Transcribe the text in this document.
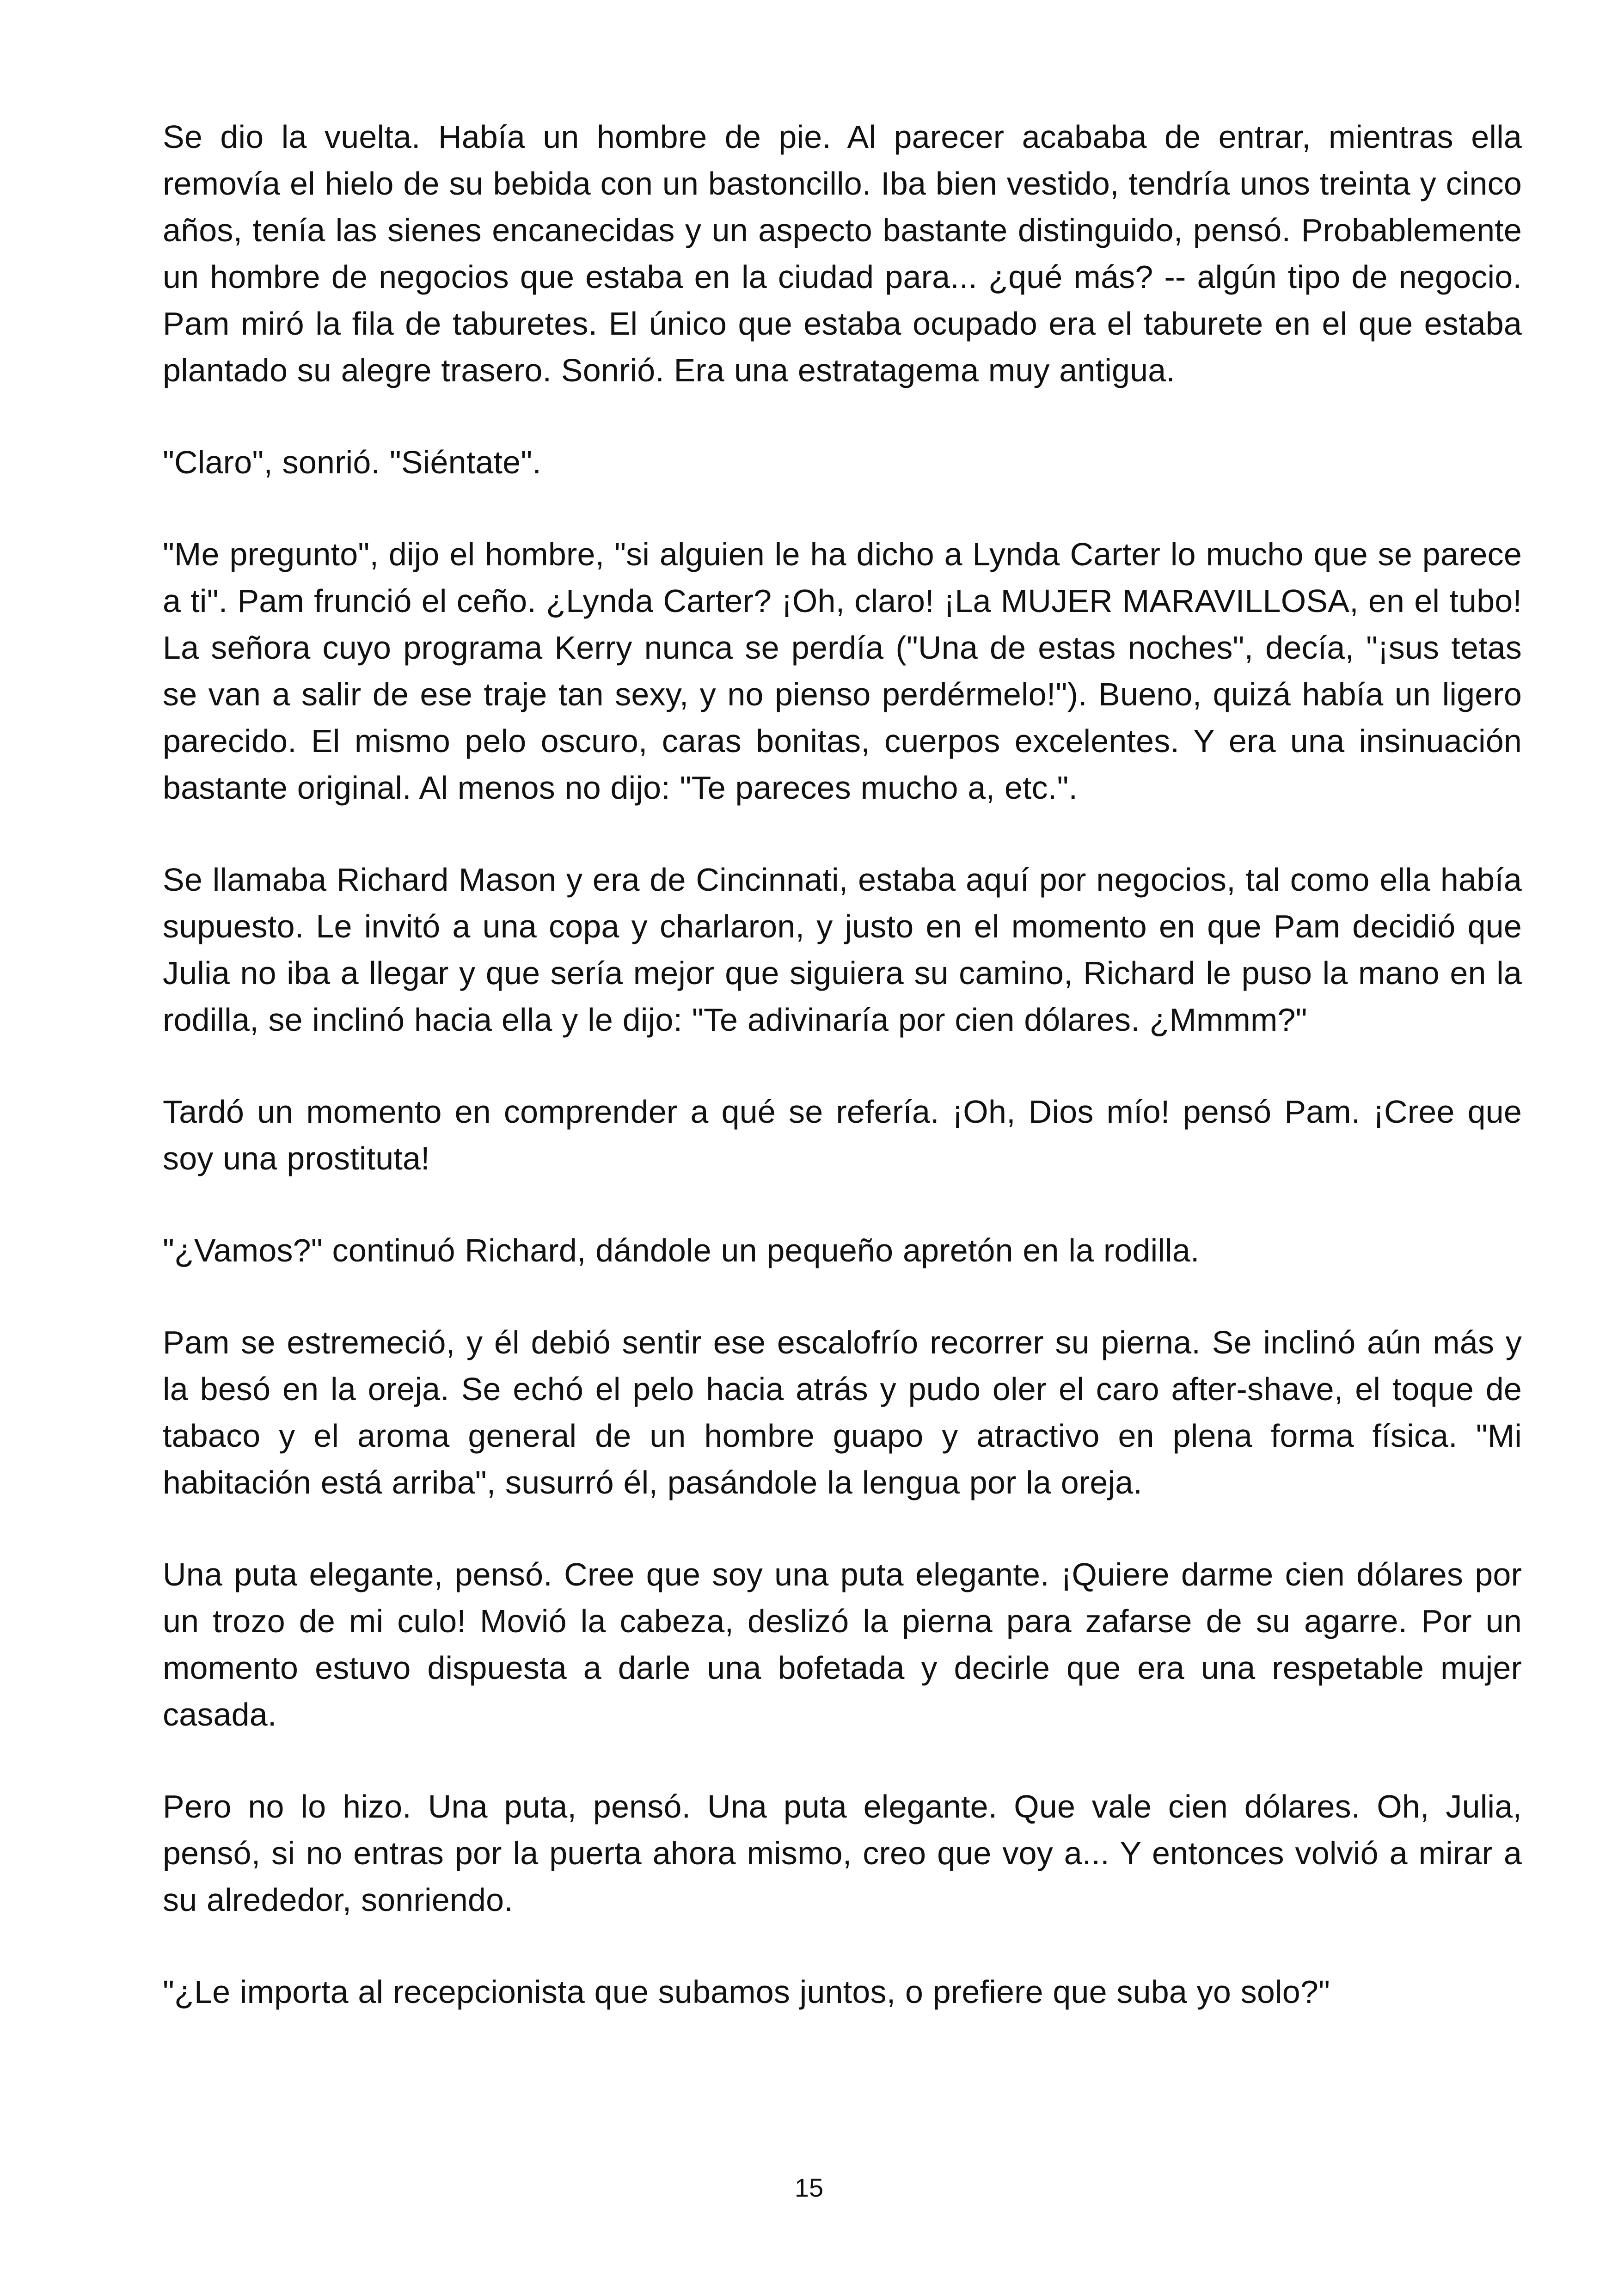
Se dio la vuelta. Había un hombre de pie. Al parecer acababa de entrar, mientras ella removía el hielo de su bebida con un bastoncillo. Iba bien vestido, tendría unos treinta y cinco años, tenía las sienes encanecidas y un aspecto bastante distinguido, pensó. Probablemente un hombre de negocios que estaba en la ciudad para... ¿qué más? -- algún tipo de negocio. Pam miró la fila de taburetes. El único que estaba ocupado era el taburete en el que estaba plantado su alegre trasero. Sonrió. Era una estratagema muy antigua.

"Claro", sonrió. "Siéntate".

"Me pregunto", dijo el hombre, "si alguien le ha dicho a Lynda Carter lo mucho que se parece a ti". Pam frunció el ceño. ¿Lynda Carter? ¡Oh, claro! ¡La MUJER MARAVILLOSA, en el tubo! La señora cuyo programa Kerry nunca se perdía ("Una de estas noches", decía, "¡sus tetas se van a salir de ese traje tan sexy, y no pienso perdérmelo!"). Bueno, quizá había un ligero parecido. El mismo pelo oscuro, caras bonitas, cuerpos excelentes. Y era una insinuación bastante original. Al menos no dijo: "Te pareces mucho a, etc.".

Se llamaba Richard Mason y era de Cincinnati, estaba aquí por negocios, tal como ella había supuesto. Le invitó a una copa y charlaron, y justo en el momento en que Pam decidió que Julia no iba a llegar y que sería mejor que siguiera su camino, Richard le puso la mano en la rodilla, se inclinó hacia ella y le dijo: "Te adivinaría por cien dólares. ¿Mmmm?"

Tardó un momento en comprender a qué se refería. ¡Oh, Dios mío! pensó Pam. ¡Cree que soy una prostituta!

"¿Vamos?" continuó Richard, dándole un pequeño apretón en la rodilla.

Pam se estremeció, y él debió sentir ese escalofrío recorrer su pierna. Se inclinó aún más y la besó en la oreja. Se echó el pelo hacia atrás y pudo oler el caro after-shave, el toque de tabaco y el aroma general de un hombre guapo y atractivo en plena forma física. "Mi habitación está arriba", susurró él, pasándole la lengua por la oreja.

Una puta elegante, pensó. Cree que soy una puta elegante. ¡Quiere darme cien dólares por un trozo de mi culo! Movió la cabeza, deslizó la pierna para zafarse de su agarre. Por un momento estuvo dispuesta a darle una bofetada y decirle que era una respetable mujer casada.

Pero no lo hizo. Una puta, pensó. Una puta elegante. Que vale cien dólares. Oh, Julia, pensó, si no entras por la puerta ahora mismo, creo que voy a... Y entonces volvió a mirar a su alrededor, sonriendo.

"¿Le importa al recepcionista que subamos juntos, o prefiere que suba yo solo?"

15
